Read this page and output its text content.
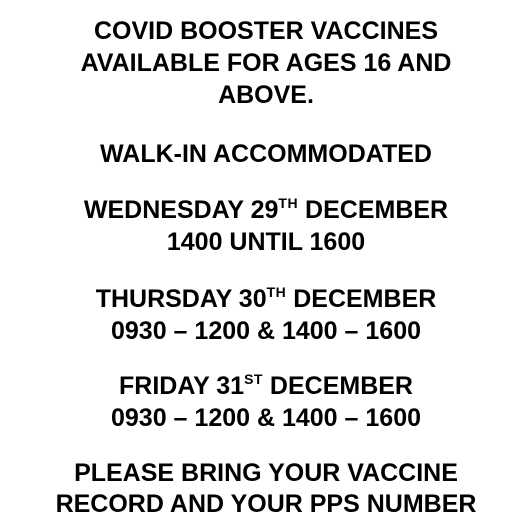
COVID BOOSTER VACCINES
AVAILABLE FOR AGES 16 AND
ABOVE.
WALK-IN ACCOMMODATED
WEDNESDAY 29TH DECEMBER
1400 UNTIL 1600
THURSDAY 30TH DECEMBER
0930 – 1200 & 1400 – 1600
FRIDAY 31ST DECEMBER
0930 – 1200 & 1400 – 1600
PLEASE BRING YOUR VACCINE
RECORD AND YOUR PPS NUMBER
